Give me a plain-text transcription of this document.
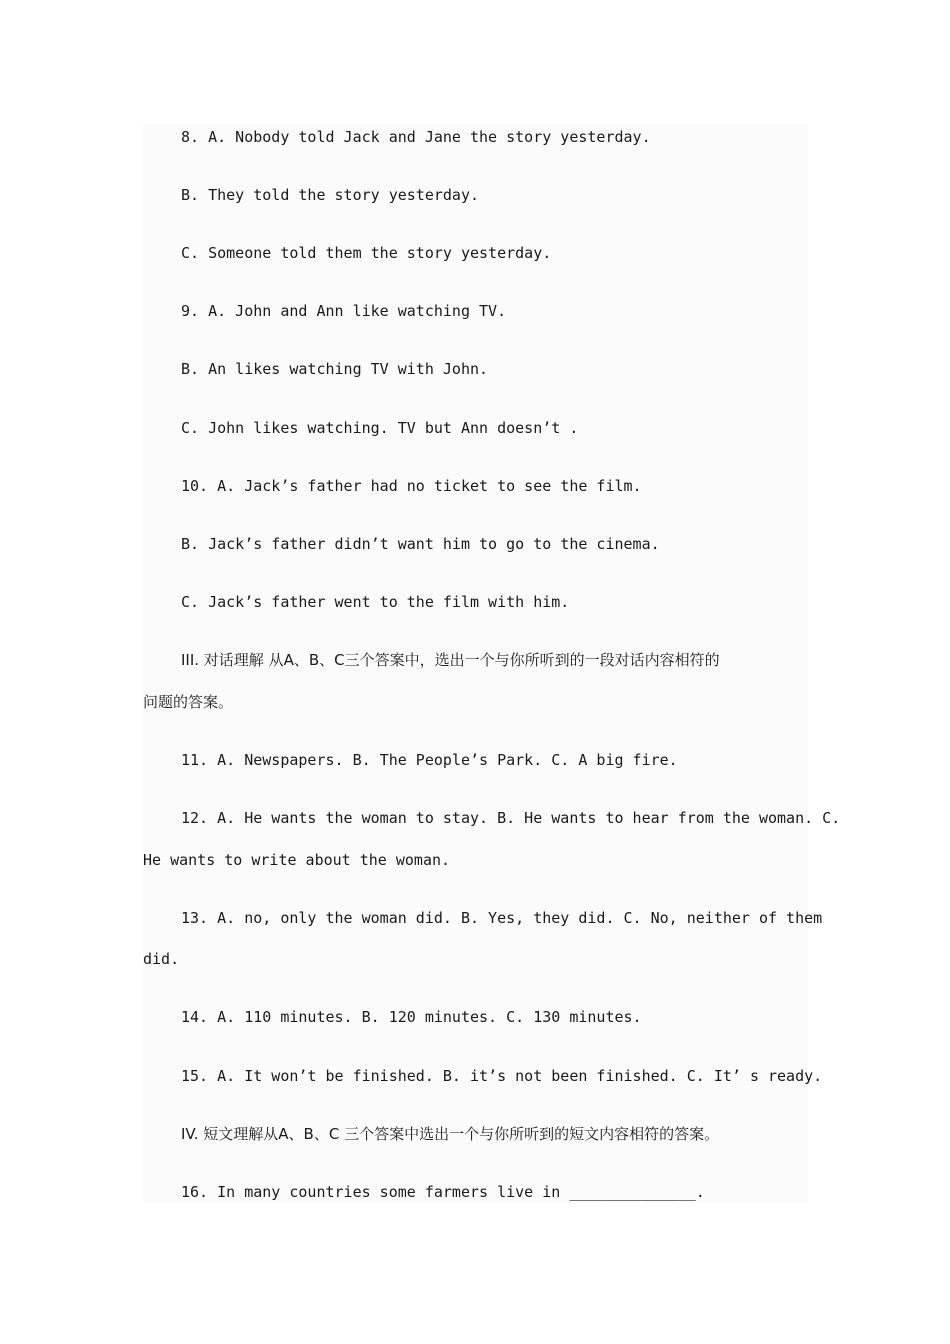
8. A. Nobody told Jack and Jane the story yesterday.
B. They told the story yesterday.
C. Someone told them the story yesterday.
9. A. John and Ann like watching TV.
B. An likes watching TV with John.
C. John likes watching. TV but Ann doesn’t .
10. A. Jack’s father had no ticket to see the film.
B. Jack’s father didn’t want him to go to the cinema.
C. Jack’s father went to the film with him.
III. 对话理解 从A、B、C三个答案中，选出一个与你所听到的一段对话内容相符的
问题的答案。
11. A. Newspapers. B. The People’s Park. C. A big fire.
12. A. He wants the woman to stay. B. He wants to hear from the woman. C.
He wants to write about the woman.
13. A. no, only the woman did. B. Yes, they did. C. No, neither of them
did.
14. A. 110 minutes. B. 120 minutes. C. 130 minutes.
15. A. It won’t be finished. B. it’s not been finished. C. It’ s ready.
IV. 短文理解从A、B、C 三个答案中选出一个与你所听到的短文内容相符的答案。
16. In many countries some farmers live in ______________.
